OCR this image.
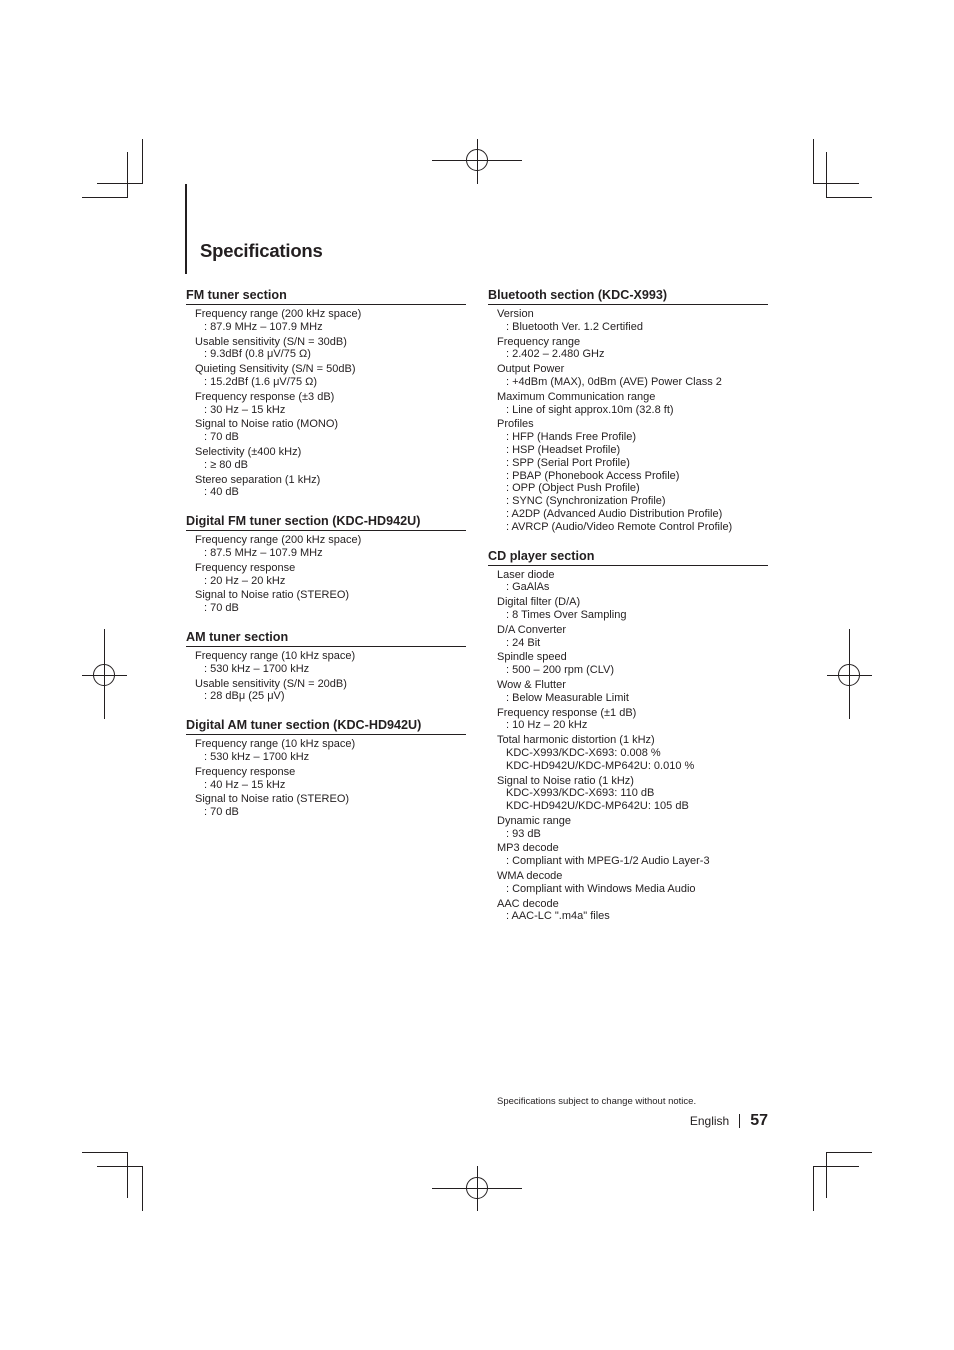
Specifications
FM tuner section
Frequency range (200 kHz space)
: 87.9 MHz – 107.9 MHz
Usable sensitivity (S/N = 30dB)
: 9.3dBf (0.8 μV/75 Ω)
Quieting Sensitivity (S/N = 50dB)
: 15.2dBf (1.6 μV/75 Ω)
Frequency response (±3 dB)
: 30 Hz – 15 kHz
Signal to Noise ratio (MONO)
: 70 dB
Selectivity (±400 kHz)
: ≥ 80 dB
Stereo separation (1 kHz)
: 40 dB
Digital FM tuner section (KDC-HD942U)
Frequency range (200 kHz space)
: 87.5 MHz – 107.9 MHz
Frequency response
: 20 Hz – 20 kHz
Signal to Noise ratio (STEREO)
: 70 dB
AM tuner section
Frequency range (10 kHz space)
: 530 kHz – 1700 kHz
Usable sensitivity (S/N = 20dB)
: 28 dBμ (25 μV)
Digital AM tuner section (KDC-HD942U)
Frequency range (10 kHz space)
: 530 kHz – 1700 kHz
Frequency response
: 40 Hz – 15 kHz
Signal to Noise ratio (STEREO)
: 70 dB
Bluetooth section (KDC-X993)
Version
: Bluetooth Ver. 1.2 Certified
Frequency range
: 2.402 – 2.480 GHz
Output Power
: +4dBm (MAX), 0dBm (AVE) Power Class 2
Maximum Communication range
: Line of sight approx.10m (32.8 ft)
Profiles
: HFP (Hands Free Profile)
: HSP (Headset Profile)
: SPP (Serial Port Profile)
: PBAP (Phonebook Access Profile)
: OPP (Object Push Profile)
: SYNC (Synchronization Profile)
: A2DP (Advanced Audio Distribution Profile)
: AVRCP (Audio/Video Remote Control Profile)
CD player section
Laser diode
: GaAlAs
Digital filter (D/A)
: 8 Times Over Sampling
D/A Converter
: 24 Bit
Spindle speed
: 500 – 200 rpm (CLV)
Wow & Flutter
: Below Measurable Limit
Frequency response (±1 dB)
: 10 Hz – 20 kHz
Total harmonic distortion (1 kHz)
KDC-X993/KDC-X693: 0.008 %
KDC-HD942U/KDC-MP642U: 0.010 %
Signal to Noise ratio (1 kHz)
KDC-X993/KDC-X693: 110 dB
KDC-HD942U/KDC-MP642U: 105 dB
Dynamic range
: 93 dB
MP3 decode
: Compliant with MPEG-1/2 Audio Layer-3
WMA decode
: Compliant with Windows Media Audio
AAC decode
: AAC-LC ".m4a" files

Specifications subject to change without notice.

English 57
